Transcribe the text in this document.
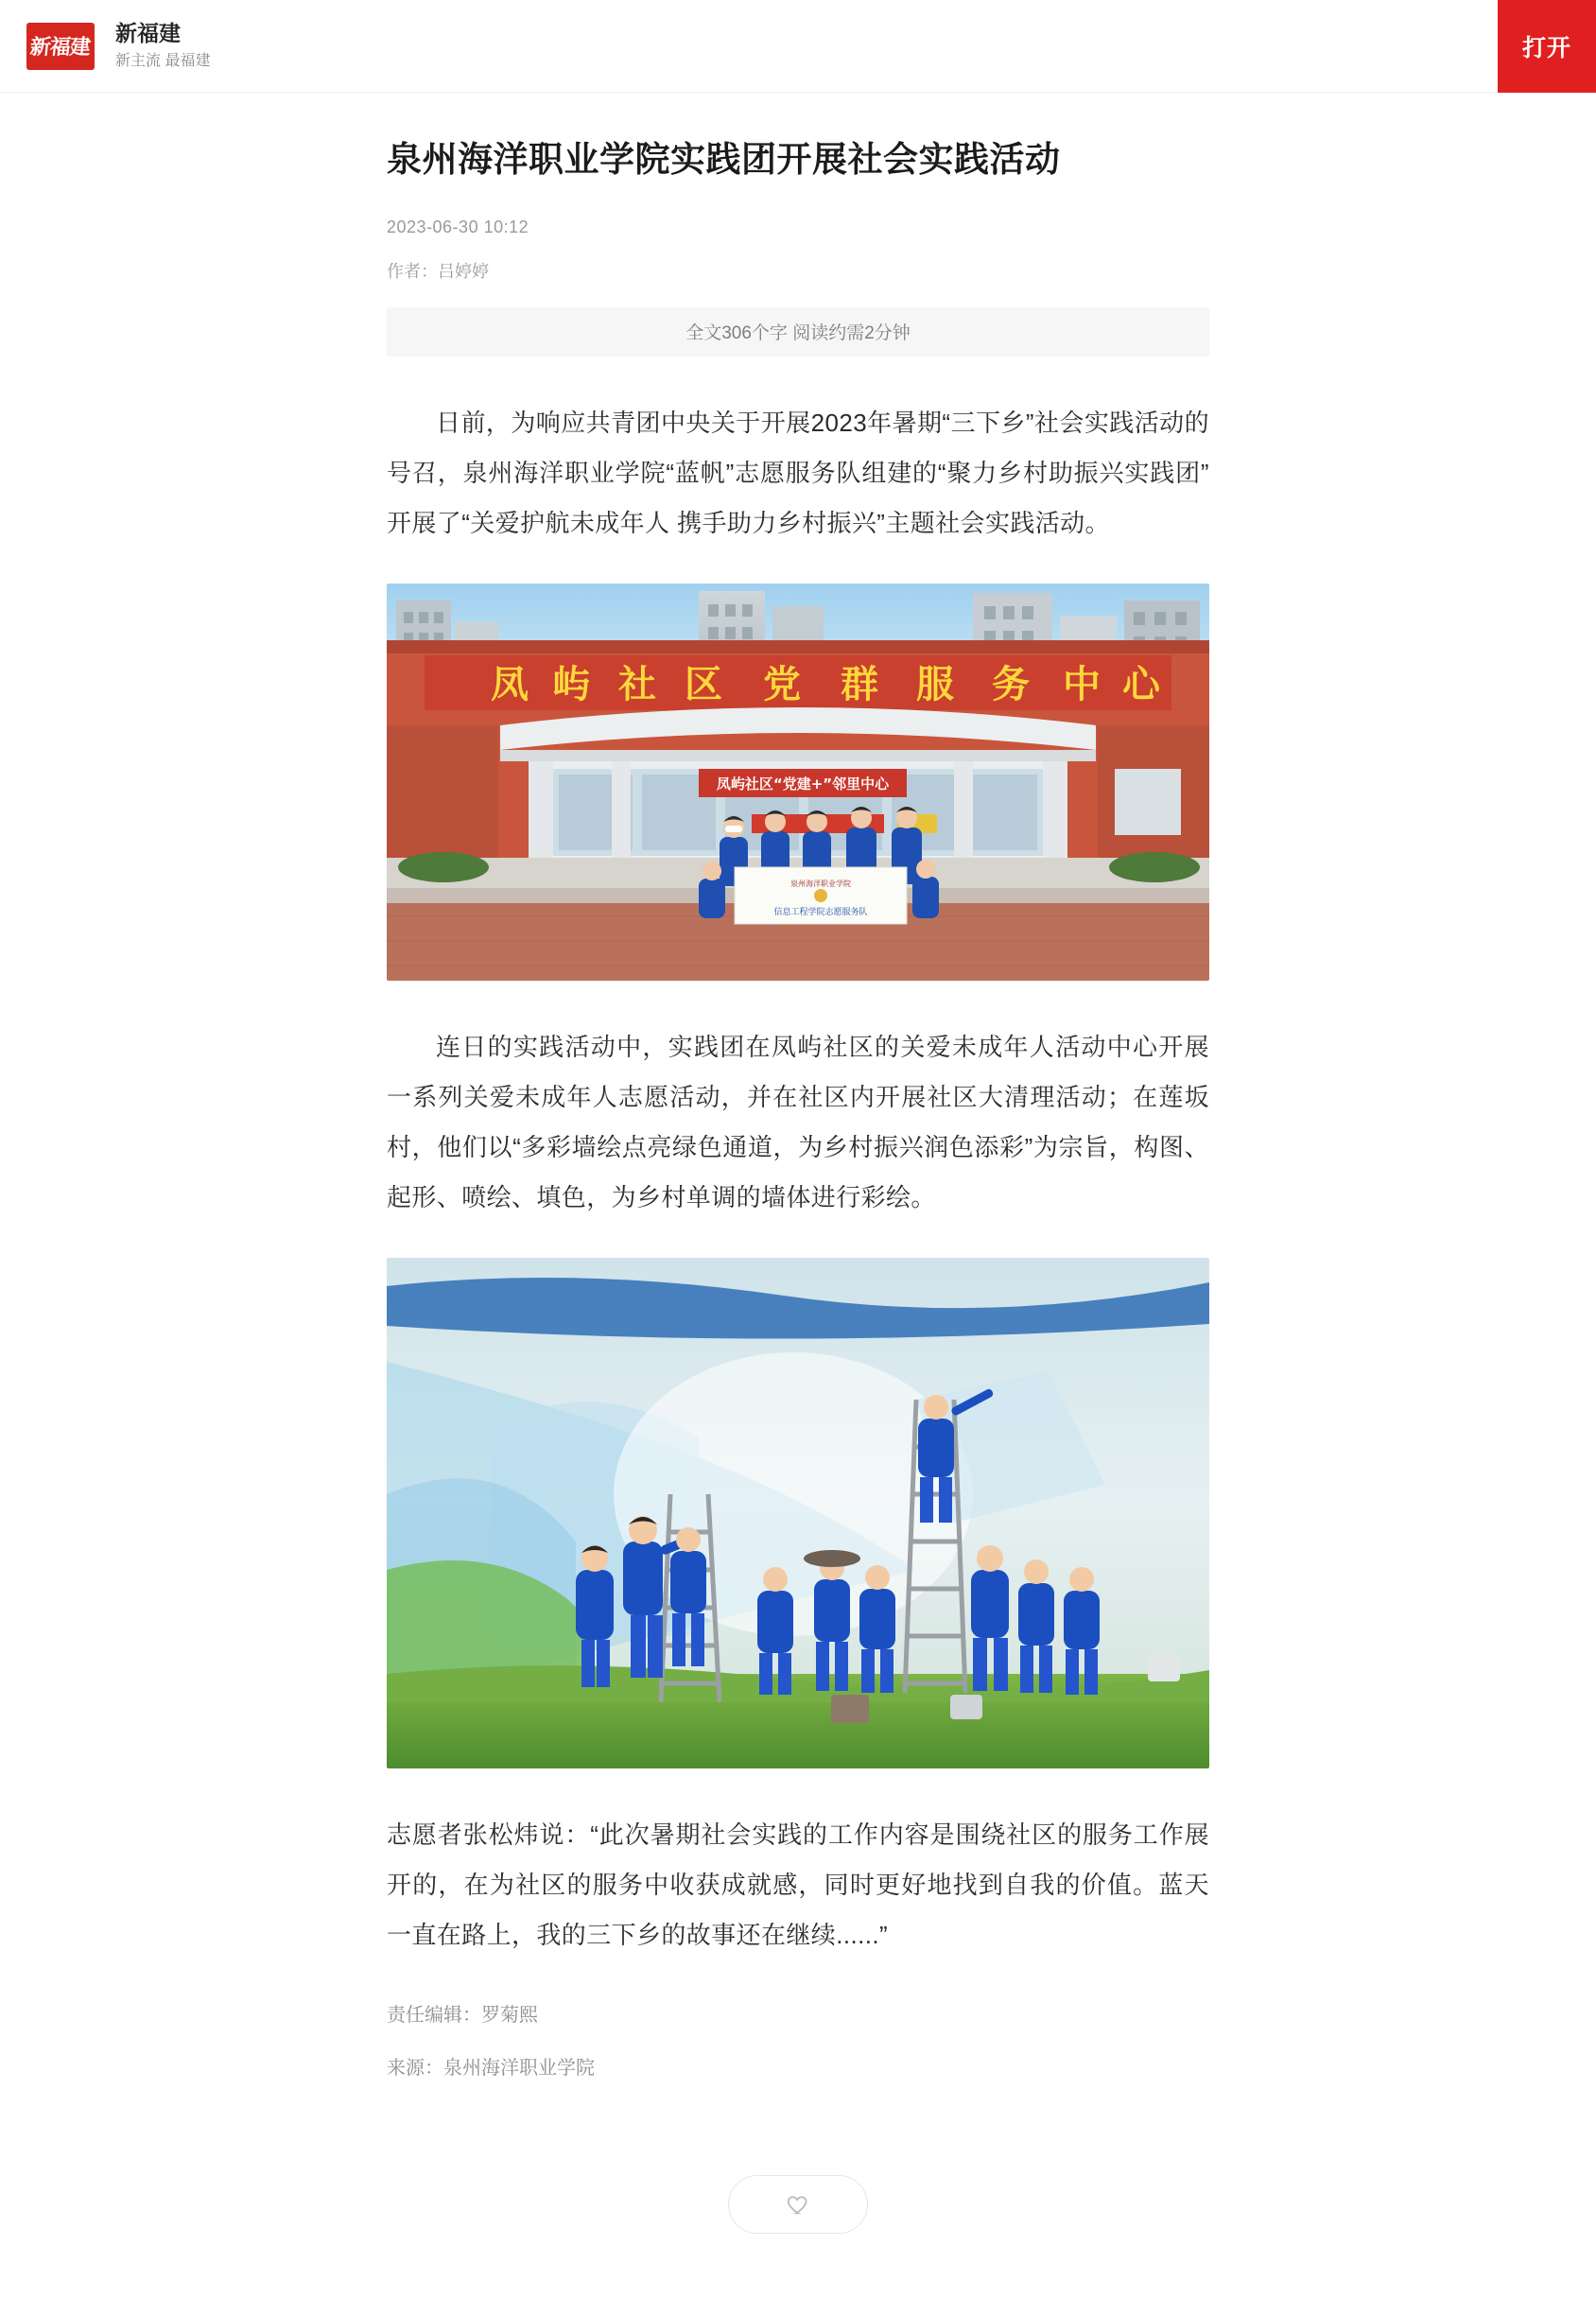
新福建
新福建
新主流 最福建	打开
泉州海洋职业学院实践团开展社会实践活动
2023-06-30 10:12
作者：吕婷婷
全文306个字 阅读约需2分钟

日前，为响应共青团中央关于开展2023年暑期“三下乡”社会实践活动的号召，泉州海洋职业学院“蓝帆”志愿服务队组建的“聚力乡村助振兴实践团”开展了“关爱护航未成年人 携手助力乡村振兴”主题社会实践活动。

凤 屿 社 区 党 群 服 务 中 心
凤屿社区“党建+”邻里中心
泉州海洋职业学院
信息工程学院志愿服务队

连日的实践活动中，实践团在凤屿社区的关爱未成年人活动中心开展一系列关爱未成年人志愿活动，并在社区内开展社区大清理活动；在莲坂村，他们以“多彩墙绘点亮绿色通道，为乡村振兴润色添彩”为宗旨，构图、起形、喷绘、填色，为乡村单调的墙体进行彩绘。

志愿者张松炜说：“此次暑期社会实践的工作内容是围绕社区的服务工作展开的，在为社区的服务中收获成就感，同时更好地找到自我的价值。蓝天一直在路上，我的三下乡的故事还在继续......”

责任编辑：罗菊熙
来源：泉州海洋职业学院
